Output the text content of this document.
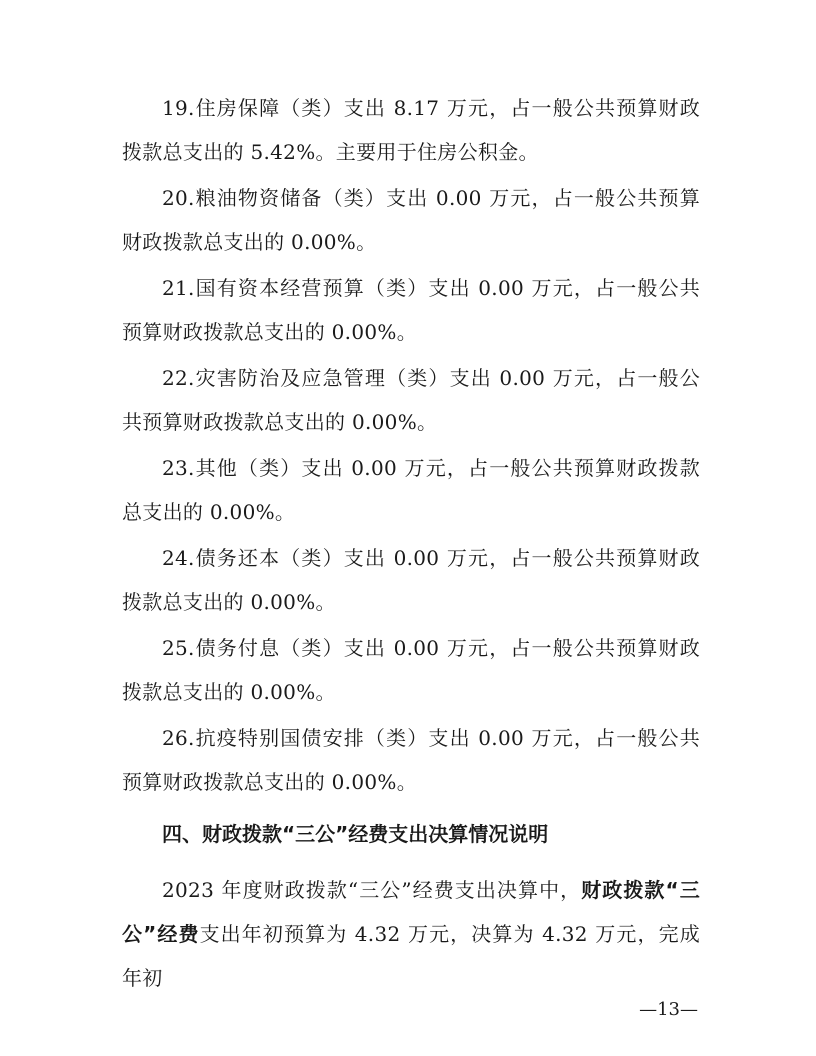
19.住房保障（类）支出 8.17 万元，占一般公共预算财政拨款总支出的 5.42%。主要用于住房公积金。

20.粮油物资储备（类）支出 0.00 万元，占一般公共预算财政拨款总支出的 0.00%。

21.国有资本经营预算（类）支出 0.00 万元，占一般公共预算财政拨款总支出的 0.00%。

22.灾害防治及应急管理（类）支出 0.00 万元，占一般公共预算财政拨款总支出的 0.00%。

23.其他（类）支出 0.00 万元，占一般公共预算财政拨款总支出的 0.00%。

24.债务还本（类）支出 0.00 万元，占一般公共预算财政拨款总支出的 0.00%。

25.债务付息（类）支出 0.00 万元，占一般公共预算财政拨款总支出的 0.00%。

26.抗疫特别国债安排（类）支出 0.00 万元，占一般公共预算财政拨款总支出的 0.00%。

四、财政拨款“三公”经费支出决算情况说明

2023 年度财政拨款“三公”经费支出决算中，财政拨款“三公”经费支出年初预算为 4.32 万元，决算为 4.32 万元，完成年初

—13—
